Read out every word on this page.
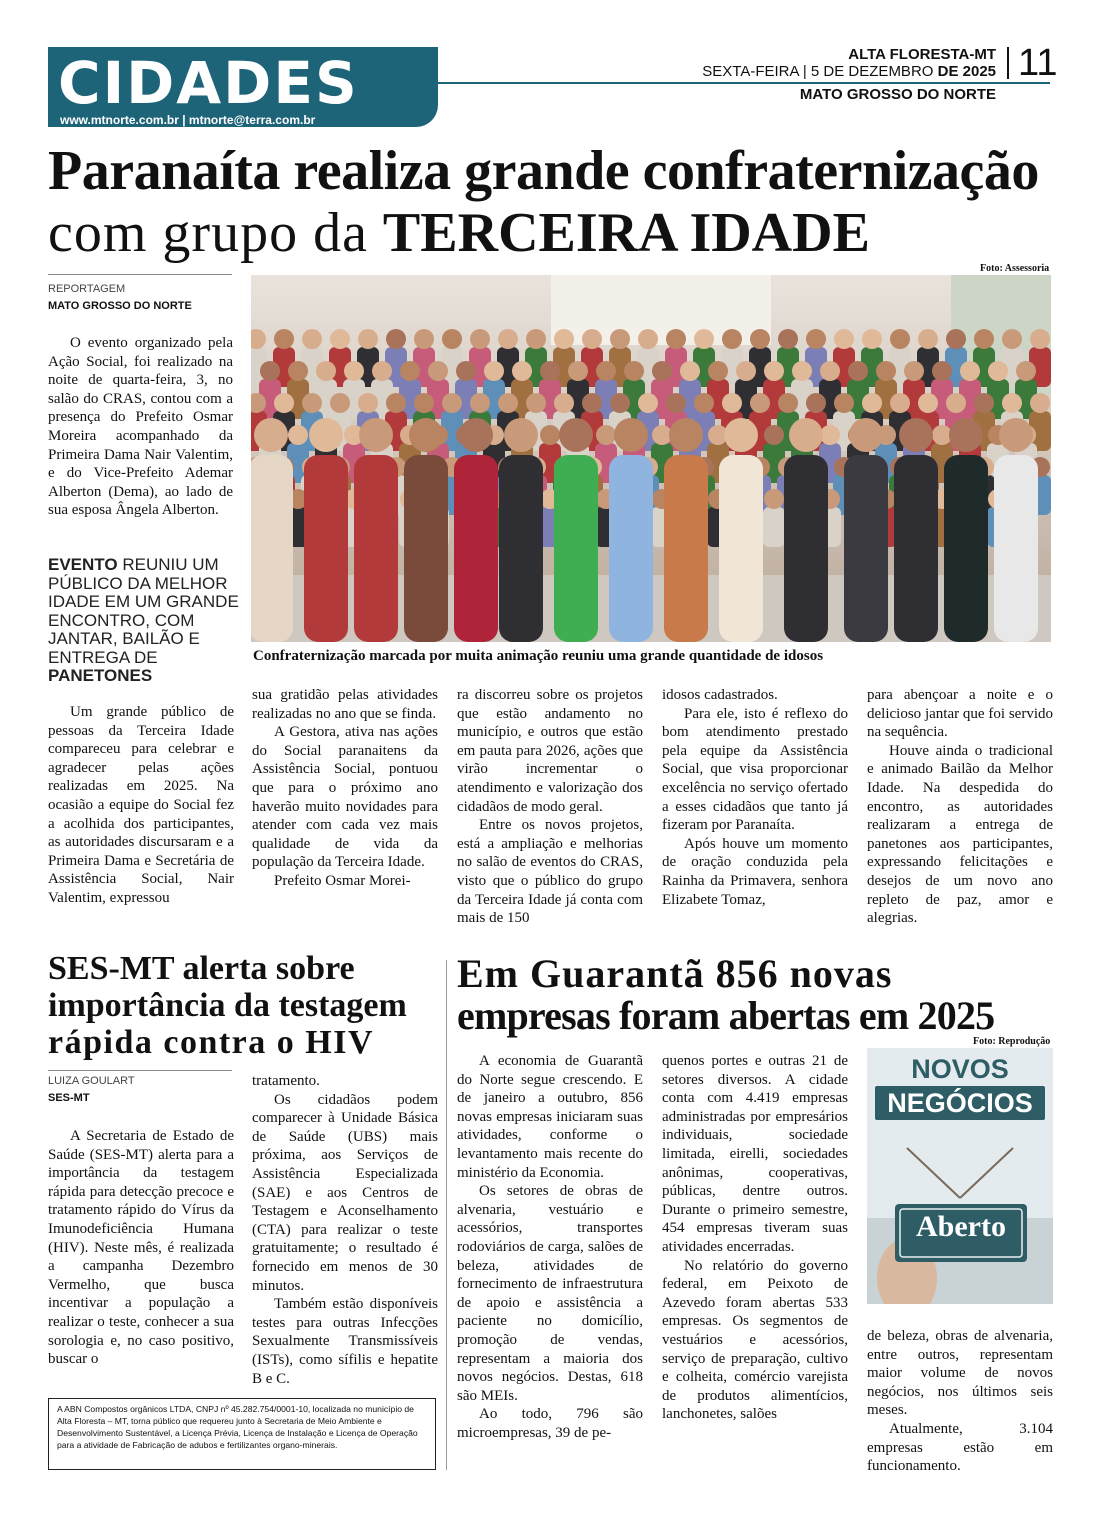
CIDADES
www.mtnorte.com.br | mtnorte@terra.com.br
ALTA FLORESTA-MT
SEXTA-FEIRA | 5 DE DEZEMBRO DE 2025 11
MATO GROSSO DO NORTE
Paranaíta realiza grande confraternização
com grupo da TERCEIRA IDADE
Foto: Assessoria
REPORTAGEM
MATO GROSSO DO NORTE

O evento organizado pela Ação Social, foi realizado na noite de quarta-feira, 3, no salão do CRAS, contou com a presença do Prefeito Osmar Moreira acompanhado da Primeira Dama Nair Valentim, e do Vice-Prefeito Ademar Alberton (Dema), ao lado de sua esposa Ângela Alberton.

EVENTO REUNIU UM PÚBLICO DA MELHOR IDADE EM UM GRANDE ENCONTRO, COM JANTAR, BAILÃO E ENTREGA DE PANETONES
Confraternização marcada por muita animação reuniu uma grande quantidade de idosos

Um grande público de pessoas da Terceira Idade compareceu para celebrar e agradecer pelas ações realizadas em 2025. Na ocasião a equipe do Social fez a acolhida dos participantes, as autoridades discursaram e a Primeira Dama e Secretária de Assistência Social, Nair Valentim, expressou

sua gratidão pelas atividades realizadas no ano que se finda.

A Gestora, ativa nas ações do Social paranaitens da Assistência Social, pontuou que para o próximo ano haverão muito novidades para atender com cada vez mais qualidade de vida da população da Terceira Idade.

Prefeito Osmar Morei-

ra discorreu sobre os projetos que estão andamento no município, e outros que estão em pauta para 2026, ações que virão incrementar o atendimento e valorização dos cidadãos de modo geral.

Entre os novos projetos, está a ampliação e melhorias no salão de eventos do CRAS, visto que o público do grupo da Terceira Idade já conta com mais de 150

idosos cadastrados.

Para ele, isto é reflexo do bom atendimento prestado pela equipe da Assistência Social, que visa proporcionar excelência no serviço ofertado a esses cidadãos que tanto já fizeram por Paranaíta.

Após houve um momento de oração conduzida pela Rainha da Primavera, senhora Elizabete Tomaz,

para abençoar a noite e o delicioso jantar que foi servido na sequência.

Houve ainda o tradicional e animado Bailão da Melhor Idade. Na despedida do encontro, as autoridades realizaram a entrega de panetones aos participantes, expressando felicitações e desejos de um novo ano repleto de paz, amor e alegrias.

SES-MT alerta sobre
importância da testagem
rápida contra o HIV
LUIZA GOULART
SES-MT

A Secretaria de Estado de Saúde (SES-MT) alerta para a importância da testagem rápida para detecção precoce e tratamento rápido do Vírus da Imunodeficiência Humana (HIV). Neste mês, é realizada a campanha Dezembro Vermelho, que busca incentivar a população a realizar o teste, conhecer a sua sorologia e, no caso positivo, buscar o

tratamento.

Os cidadãos podem comparecer à Unidade Básica de Saúde (UBS) mais próxima, aos Serviços de Assistência Especializada (SAE) e aos Centros de Testagem e Aconselhamento (CTA) para realizar o teste gratuitamente; o resultado é fornecido em menos de 30 minutos.

Também estão disponíveis testes para outras Infecções Sexualmente Transmissíveis (ISTs), como sífilis e hepatite B e C.

A ABN Compostos orgânicos LTDA, CNPJ nº 45.282.754/0001-10, localizada no município de Alta Floresta – MT, torna público que requereu junto à Secretaria de Meio Ambiente e Desenvolvimento Sustentável, a Licença Prévia, Licença de Instalação e Licença de Operação para a atividade de Fabricação de adubos e fertilizantes organo-minerais.
Em Guarantã 856 novas
empresas foram abertas em 2025
Foto: Reprodução

A economia de Guarantã do Norte segue crescendo. E de janeiro a outubro, 856 novas empresas iniciaram suas atividades, conforme o levantamento mais recente do ministério da Economia.

Os setores de obras de alvenaria, vestuário e acessórios, transportes rodoviários de carga, salões de beleza, atividades de fornecimento de infraestrutura de apoio e assistência a paciente no domicílio, promoção de vendas, representam a maioria dos novos negócios. Destas, 618 são MEIs.

Ao todo, 796 são microempresas, 39 de pe-

quenos portes e outras 21 de setores diversos. A cidade conta com 4.419 empresas administradas por empresários individuais, sociedade limitada, eirelli, sociedades anônimas, cooperativas, públicas, dentre outros. Durante o primeiro semestre, 454 empresas tiveram suas atividades encerradas.

No relatório do governo federal, em Peixoto de Azevedo foram abertas 533 empresas. Os segmentos de vestuários e acessórios, serviço de preparação, cultivo e colheita, comércio varejista de produtos alimentícios, lanchonetes, salões

NOVOS
NEGÓCIOS
Aberto

de beleza, obras de alvenaria, entre outros, representam maior volume de novos negócios, nos últimos seis meses.

Atualmente, 3.104 empresas estão em funcionamento.
